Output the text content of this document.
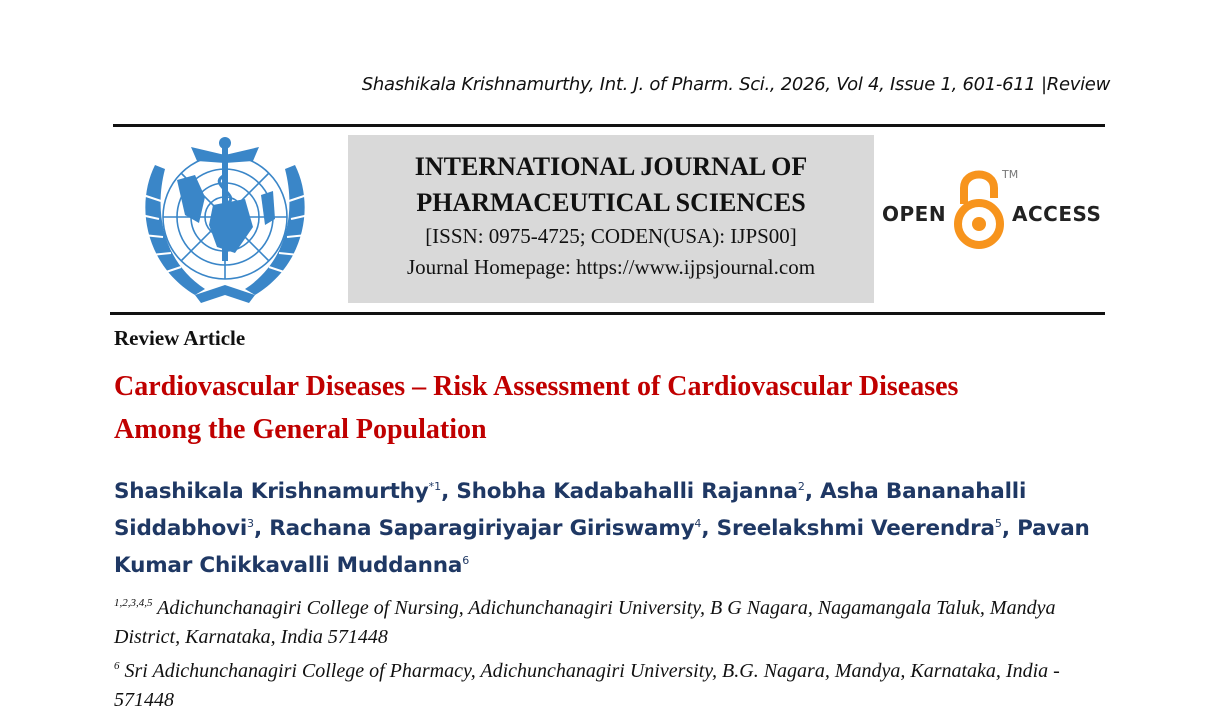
Shashikala Krishnamurthy, Int. J. of Pharm. Sci., 2026, Vol 4, Issue 1, 601-611 |Review
INTERNATIONAL JOURNAL OF
PHARMACEUTICAL SCIENCES
[ISSN: 0975-4725; CODEN(USA): IJPS00]
Journal Homepage: https://www.ijpsjournal.com
OPEN
TM
ACCESS
Review Article
Cardiovascular Diseases – Risk Assessment of Cardiovascular Diseases
Among the General Population
Shashikala Krishnamurthy$^{*1}$, Shobha Kadabahalli Rajanna$^2$, Asha Bananahalli Siddabhovi$^3$, Rachana Saparagiriyajar Giriswamy$^4$, Sreelakshmi Veerendra$^5$, Pavan Kumar Chikkavalli Muddanna$^6$
$^{1,2,3,4,5}$ Adichunchanagiri College of Nursing, Adichunchanagiri University, B G Nagara, Nagamangala Taluk, Mandya District, Karnataka, India 571448
$^6$ Sri Adichunchanagiri College of Pharmacy, Adichunchanagiri University, B.G. Nagara, Mandya, Karnataka, India - 571448
